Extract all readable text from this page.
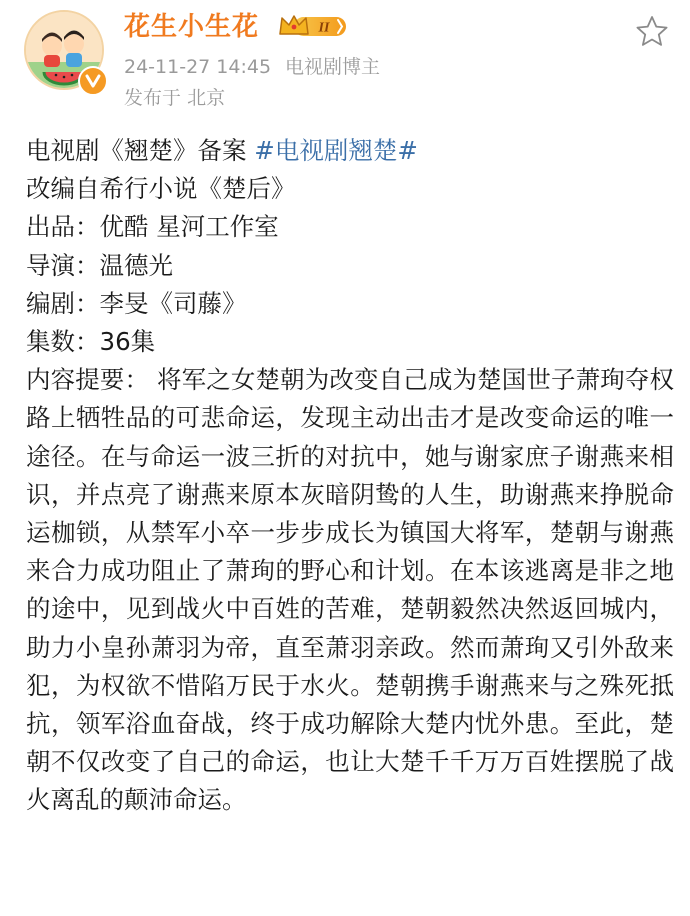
花生小生花	II
24-11-27 14:45 电视剧博主
发布于 北京

电视剧《翘楚》备案 #电视剧翘楚#

改编自希行小说《楚后》

出品：优酷 星河工作室

导演：温德光

编剧：李旻《司藤》

集数：36集

内容提要： 将军之女楚朝为改变自己成为楚国世子萧珣夺权路上牺牲品的可悲命运，发现主动出击才是改变命运的唯一途径。在与命运一波三折的对抗中，她与谢家庶子谢燕来相识，并点亮了谢燕来原本灰暗阴鸷的人生，助谢燕来挣脱命运枷锁，从禁军小卒一步步成长为镇国大将军，楚朝与谢燕来合力成功阻止了萧珣的野心和计划。在本该逃离是非之地的途中，见到战火中百姓的苦难，楚朝毅然决然返回城内，助力小皇孙萧羽为帝，直至萧羽亲政。然而萧珣又引外敌来犯，为权欲不惜陷万民于水火。楚朝携手谢燕来与之殊死抵抗，领军浴血奋战，终于成功解除大楚内忧外患。至此，楚朝不仅改变了自己的命运，也让大楚千千万万百姓摆脱了战火离乱的颠沛命运。
